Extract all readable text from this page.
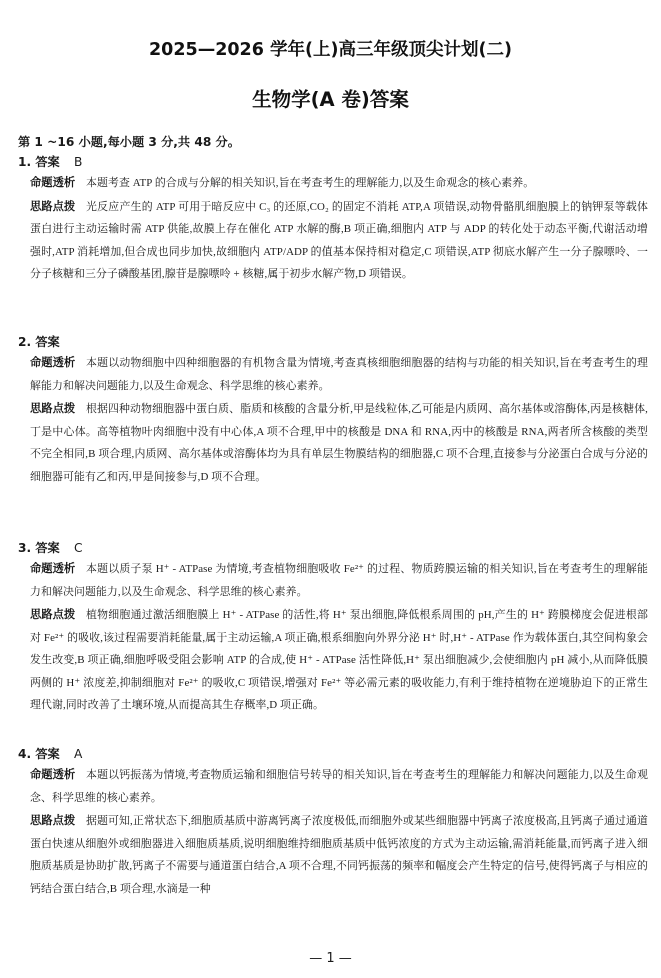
2025—2026 学年(上)高三年级顶尖计划(二)
生物学(A 卷)答案
第 1 ~16 小题,每小题 3 分,共 48 分。
1. 答案 B
命题透析 本题考查 ATP 的合成与分解的相关知识,旨在考查考生的理解能力,以及生命观念的核心素养。

思路点拨 光反应产生的 ATP 可用于暗反应中 C₃ 的还原,CO₂ 的固定不消耗 ATP,A 项错误,动物骨骼肌细胞膜上的钠钾泵等载体蛋白进行主动运输时需 ATP 供能,故膜上存在催化 ATP 水解的酶,B 项正确,细胞内 ATP 与 ADP 的转化处于动态平衡,代谢活动增强时,ATP 消耗增加,但合成也同步加快,故细胞内 ATP/ADP 的值基本保持相对稳定,C 项错误,ATP 彻底水解产生一分子腺嘌呤、一分子核糖和三分子磷酸基团,腺苷是腺嘌呤 + 核糖,属于初步水解产物,D 项错误。

2. 答案
命题透析 本题以动物细胞中四种细胞器的有机物含量为情境,考查真核细胞细胞器的结构与功能的相关知识,旨在考查考生的理解能力和解决问题能力,以及生命观念、科学思维的核心素养。

思路点拨 根据四种动物细胞器中蛋白质、脂质和核酸的含量分析,甲是线粒体,乙可能是内质网、高尔基体或溶酶体,丙是核糖体,丁是中心体。高等植物叶肉细胞中没有中心体,A 项不合理,甲中的核酸是 DNA 和 RNA,丙中的核酸是 RNA,两者所含核酸的类型不完全相同,B 项合理,内质网、高尔基体或溶酶体均为具有单层生物膜结构的细胞器,C 项不合理,直接参与分泌蛋白合成与分泌的细胞器可能有乙和丙,甲是间接参与,D 项不合理。

3. 答案 C
命题透析 本题以质子泵 H⁺ - ATPase 为情境,考查植物细胞吸收 Fe²⁺ 的过程、物质跨膜运输的相关知识,旨在考查考生的理解能力和解决问题能力,以及生命观念、科学思维的核心素养。

思路点拨 植物细胞通过激活细胞膜上 H⁺ - ATPase 的活性,将 H⁺ 泵出细胞,降低根系周围的 pH,产生的 H⁺ 跨膜梯度会促进根部对 Fe²⁺ 的吸收,该过程需要消耗能量,属于主动运输,A 项正确,根系细胞向外界分泌 H⁺ 时,H⁺ - ATPase 作为载体蛋白,其空间构象会发生改变,B 项正确,细胞呼吸受阻会影响 ATP 的合成,使 H⁺ - ATPase 活性降低,H⁺ 泵出细胞减少,会使细胞内 pH 减小,从而降低膜两侧的 H⁺ 浓度差,抑制细胞对 Fe²⁺ 的吸收,C 项错误,增强对 Fe²⁺ 等必需元素的吸收能力,有利于维持植物在逆境胁迫下的正常生理代谢,同时改善了土壤环境,从而提高其生存概率,D 项正确。

4. 答案 A
命题透析 本题以钙振荡为情境,考查物质运输和细胞信号转导的相关知识,旨在考查考生的理解能力和解决问题能力,以及生命观念、科学思维的核心素养。

思路点拨 据题可知,正常状态下,细胞质基质中游离钙离子浓度极低,而细胞外或某些细胞器中钙离子浓度极高,且钙离子通过通道蛋白快速从细胞外或细胞器进入细胞质基质,说明细胞维持细胞质基质中低钙浓度的方式为主动运输,需消耗能量,而钙离子进入细胞质基质是协助扩散,钙离子不需要与通道蛋白结合,A 项不合理,不同钙振荡的频率和幅度会产生特定的信号,使得钙离子与相应的钙结合蛋白结合,B 项合理,水滴是一种

— 1 —
